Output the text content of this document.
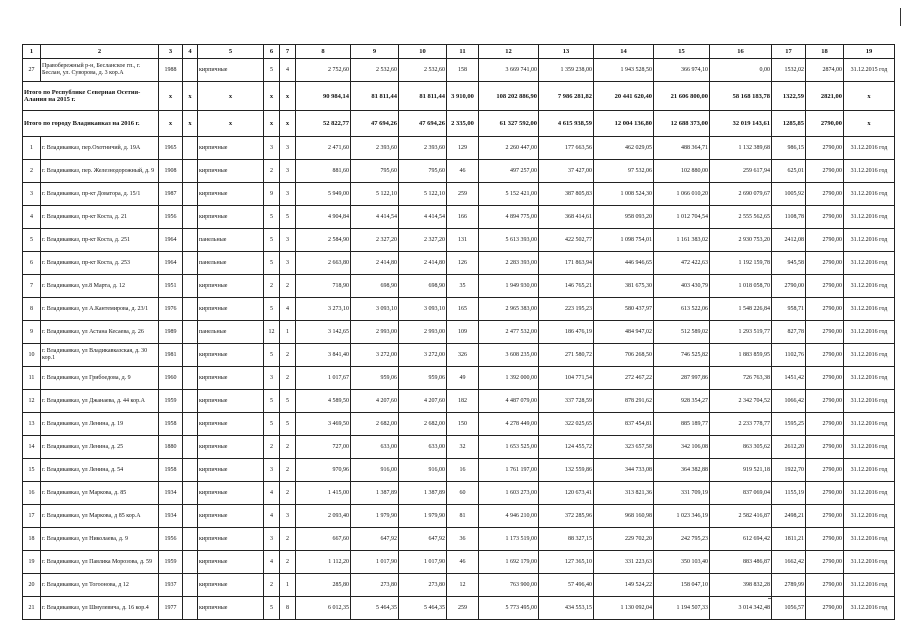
1	2	3	4	5	6	7	8	9	10	11	12	13	14	15	16	17	18	19
27	Правобережный р-н, Бесланское гп., г. Беслан, ул. Суворова, д. 3 кор.А	1988		кирпичные	5	4	2 752,60	2 532,60	2 532,60	158	3 669 741,00	1 359 238,00	1 943 528,50	366 974,10	0,00	1532,02	2874,00	31.12.2015 год
Итого по Республике Северная Осетия-Алания на 2015 г.		x	x	x	x	x	90 984,14	81 811,44	81 811,44	3 910,00	108 202 886,90	7 986 281,82	20 441 620,40	21 606 800,00	58 168 183,78	1322,59	2821,00	x
Итого по городу Владикавказ на 2016 г.		x	x	x	x	x	52 822,77	47 694,26	47 694,26	2 335,00	61 327 592,00	4 615 938,59	12 004 136,80	12 688 373,00	32 019 143,61	1285,85	2790,00	x
1	г. Владикавказ, пер.Охотничий, д. 19А	1965		кирпичные	3	3	2 471,60	2 393,60	2 393,60	129	2 260 447,00	177 663,56	462 029,05	488 364,71	1 132 389,68	986,15	2790,00	31.12.2016 год
2	г. Владикавказ, пер. Железнодорожный, д. 9	1908		кирпичные	2	3	881,60	795,60	795,60	46	497 257,00	37 427,00	97 532,06	102 880,00	259 617,94	625,01	2790,00	31.12.2016 год
3	г. Владикавказ, пр-кт Доватора, д. 15/1	1987		кирпичные	9	3	5 949,00	5 122,10	5 122,10	259	5 152 421,00	387 805,83	1 008 524,30	1 066 010,20	2 690 079,67	1005,92	2790,00	31.12.2016 год
4	г. Владикавказ, пр-кт Коста, д. 21	1956		кирпичные	5	5	4 904,84	4 414,54	4 414,54	166	4 894 775,00	368 414,61	958 093,20	1 012 704,54	2 555 562,65	1108,78	2790,00	31.12.2016 год
5	г. Владикавказ, пр-кт Коста, д. 251	1964		панельные	5	3	2 584,90	2 327,20	2 327,20	131	5 613 393,00	422 502,77	1 098 754,01	1 161 383,02	2 930 753,20	2412,08	2790,00	31.12.2016 год
6	г. Владикавказ, пр-кт Коста, д. 253	1964		панельные	5	3	2 663,80	2 414,80	2 414,80	126	2 283 393,00	171 863,94	446 946,65	472 422,63	1 192 159,78	945,58	2790,00	31.12.2016 год
7	г. Владикавказ, ул.8 Марта, д. 12	1951		кирпичные	2	2	718,90	698,90	698,90	35	1 949 930,00	146 765,21	381 675,30	403 430,79	1 018 058,70	2790,00	2790,00	31.12.2016 год
8	г. Владикавказ, ул А.Кантемирова, д. 23/1	1976		кирпичные	5	4	3 273,10	3 093,10	3 093,10	165	2 965 383,00	223 195,23	580 437,97	613 522,06	1 548 226,84	958,71	2790,00	31.12.2016 год
9	г. Владикавказ, ул Астана Кесаева, д. 26	1989		панельные	12	1	3 142,65	2 993,00	2 993,00	109	2 477 532,00	186 476,19	484 947,02	512 589,02	1 293 519,77	827,78	2790,00	31.12.2016 год
10	г. Владикавказ, ул Владикавказская, д. 30 кор.1	1981		кирпичные	5	2	3 841,40	3 272,00	3 272,00	326	3 608 235,00	271 580,72	706 268,50	746 525,82	1 883 859,95	1102,76	2790,00	31.12.2016 год
11	г. Владикавказ, ул Грибоедова, д. 9	1960		кирпичные	3	2	1 017,67	959,06	959,06	49	1 392 000,00	104 771,54	272 467,22	287 997,86	726 763,38	1451,42	2790,00	31.12.2016 год
12	г. Владикавказ, ул Джанаева, д. 44 кор.А	1959		кирпичные	5	5	4 589,50	4 207,60	4 207,60	182	4 487 079,00	337 728,59	878 291,62	928 354,27	2 342 704,52	1066,42	2790,00	31.12.2016 год
13	г. Владикавказ, ул Ленина, д. 19	1958		кирпичные	5	5	3 469,50	2 682,00	2 682,00	150	4 278 449,00	322 025,65	837 454,81	885 189,77	2 233 778,77	1595,25	2790,00	31.12.2016 год
14	г. Владикавказ, ул Ленина, д. 25	1880		кирпичные	2	2	727,00	633,00	633,00	32	1 653 525,00	124 455,72	323 657,58	342 106,08	863 305,62	2612,20	2790,00	31.12.2016 год
15	г. Владикавказ, ул Ленина, д. 54	1958		кирпичные	3	2	970,96	916,00	916,00	16	1 761 197,00	132 559,86	344 733,08	364 382,88	919 521,18	1922,70	2790,00	31.12.2016 год
16	г. Владикавказ, ул Маркова, д. 85	1934		кирпичные	4	2	1 415,00	1 387,89	1 387,89	60	1 603 273,00	120 673,41	313 821,36	331 709,19	837 069,04	1155,19	2790,00	31.12.2016 год
17	г. Владикавказ, ул Маркова, д 85 кор.А	1934		кирпичные	4	3	2 093,40	1 979,90	1 979,90	81	4 946 210,00	372 285,96	968 160,98	1 023 346,19	2 582 416,87	2498,21	2790,00	31.12.2016 год
18	г. Владикавказ, ул Николаева, д. 9	1956		кирпичные	3	2	667,60	647,92	647,92	36	1 173 519,00	88 327,15	229 702,20	242 795,23	612 694,42	1811,21	2790,00	31.12.2016 год
19	г. Владикавказ, ул Павлика Морозова, д. 59	1959		кирпичные	4	2	1 112,20	1 017,90	1 017,90	46	1 692 179,00	127 365,10	331 223,63	350 103,40	883 486,87	1662,42	2790,00	31.12.2016 год
20	г. Владикавказ, ул Тогоонова, д 12	1937		кирпичные	2	1	285,80	273,80	273,80	12	763 900,00	57 496,40	149 524,22	158 047,10	398 832,28	2789,99	2790,00	31.12.2016 год
21	г. Владикавказ, ул Шмулевича, д. 16 кор.4	1977		кирпичные	5	8	6 012,35	5 464,35	5 464,35	259	5 773 495,00	434 553,15	1 130 092,04	1 194 507,33	3 014 342,48	1056,57	2790,00	31.12.2016 год
